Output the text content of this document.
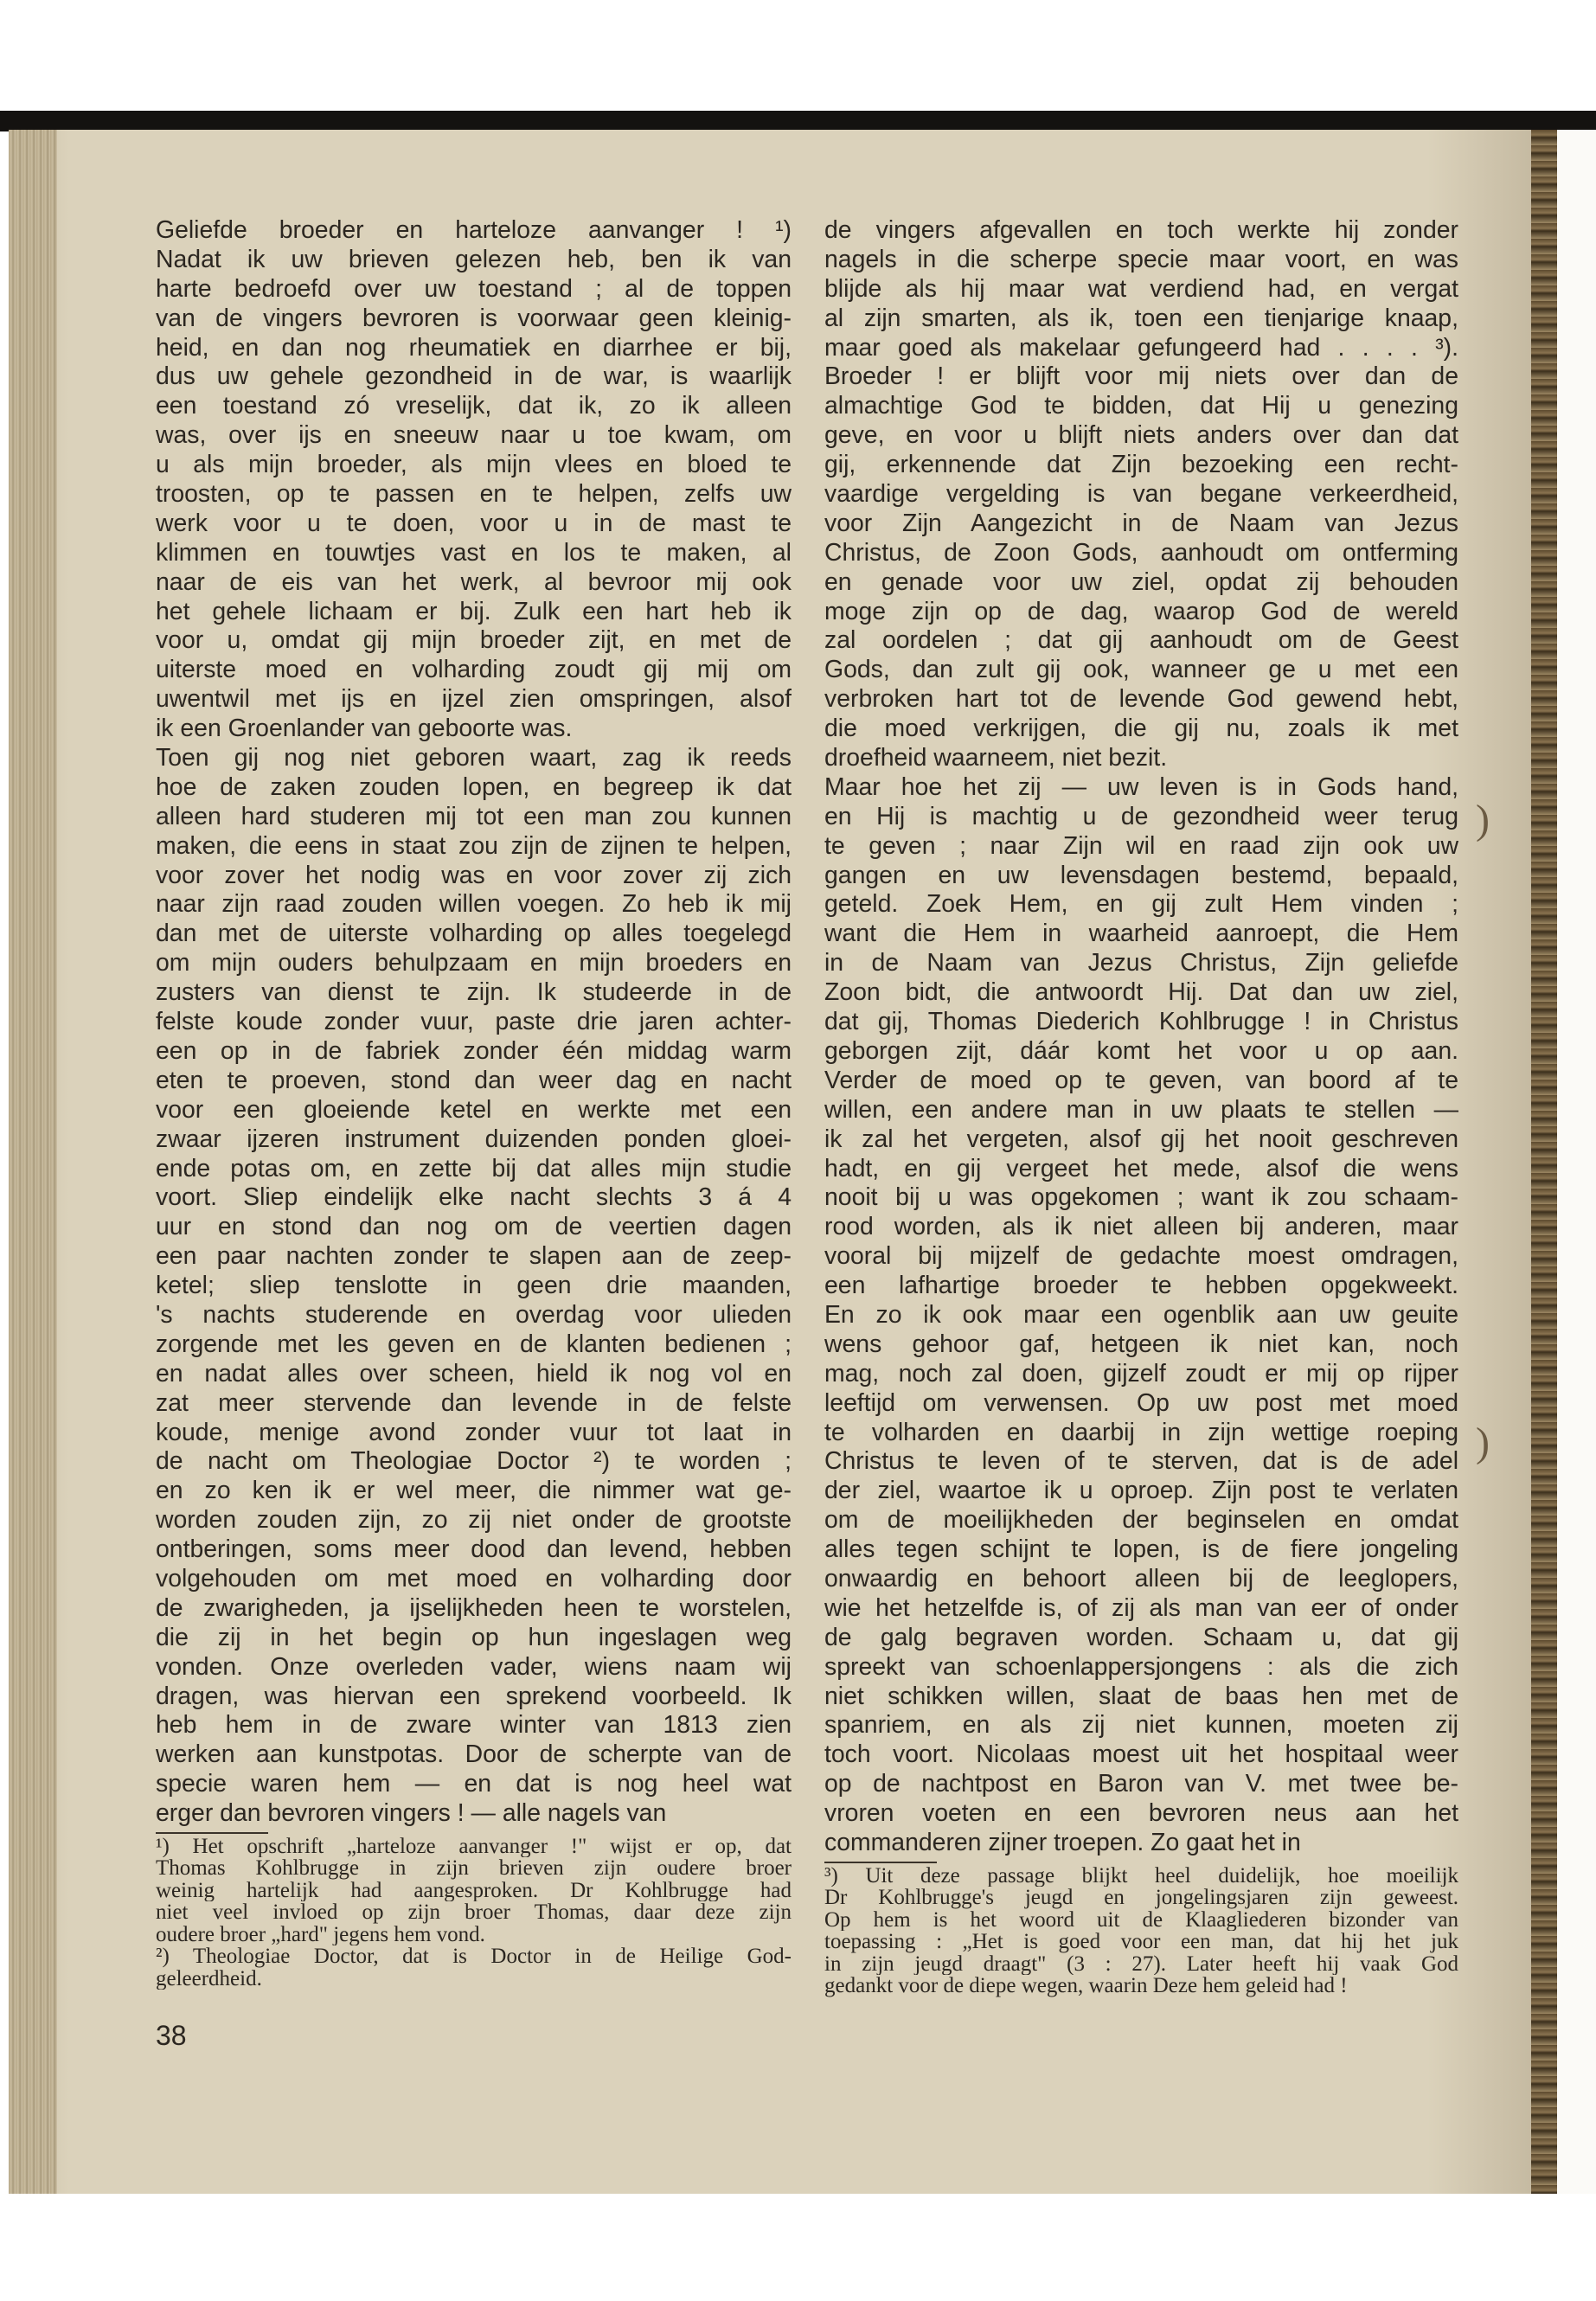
)
)
Geliefde broeder en harteloze aanvanger ! ¹)
Nadat ik uw brieven gelezen heb, ben ik van
harte bedroefd over uw toestand ; al de toppen
van de vingers bevroren is voorwaar geen kleinig-
heid, en dan nog rheumatiek en diarrhee er bij,
dus uw gehele gezondheid in de war, is waarlijk
een toestand zó vreselijk, dat ik, zo ik alleen
was, over ijs en sneeuw naar u toe kwam, om
u als mijn broeder, als mijn vlees en bloed te
troosten, op te passen en te helpen, zelfs uw
werk voor u te doen, voor u in de mast te
klimmen en touwtjes vast en los te maken, al
naar de eis van het werk, al bevroor mij ook
het gehele lichaam er bij. Zulk een hart heb ik
voor u, omdat gij mijn broeder zijt, en met de
uiterste moed en volharding zoudt gij mij om
uwentwil met ijs en ijzel zien omspringen, alsof
ik een Groenlander van geboorte was.
Toen gij nog niet geboren waart, zag ik reeds
hoe de zaken zouden lopen, en begreep ik dat
alleen hard studeren mij tot een man zou kunnen
maken, die eens in staat zou zijn de zijnen te helpen,
voor zover het nodig was en voor zover zij zich
naar zijn raad zouden willen voegen. Zo heb ik mij
dan met de uiterste volharding op alles toegelegd
om mijn ouders behulpzaam en mijn broeders en
zusters van dienst te zijn. Ik studeerde in de
felste koude zonder vuur, paste drie jaren achter-
een op in de fabriek zonder één middag warm
eten te proeven, stond dan weer dag en nacht
voor een gloeiende ketel en werkte met een
zwaar ijzeren instrument duizenden ponden gloei-
ende potas om, en zette bij dat alles mijn studie
voort. Sliep eindelijk elke nacht slechts 3 á 4
uur en stond dan nog om de veertien dagen
een paar nachten zonder te slapen aan de zeep-
ketel; sliep tenslotte in geen drie maanden,
's nachts studerende en overdag voor ulieden
zorgende met les geven en de klanten bedienen ;
en nadat alles over scheen, hield ik nog vol en
zat meer stervende dan levende in de felste
koude, menige avond zonder vuur tot laat in
de nacht om Theologiae Doctor ²) te worden ;
en zo ken ik er wel meer, die nimmer wat ge-
worden zouden zijn, zo zij niet onder de grootste
ontberingen, soms meer dood dan levend, hebben
volgehouden om met moed en volharding door
de zwarigheden, ja ijselijkheden heen te worstelen,
die zij in het begin op hun ingeslagen weg
vonden. Onze overleden vader, wiens naam wij
dragen, was hiervan een sprekend voorbeeld. Ik
heb hem in de zware winter van 1813 zien
werken aan kunstpotas. Door de scherpte van de
specie waren hem — en dat is nog heel wat
erger dan bevroren vingers ! — alle nagels van
¹) Het opschrift „harteloze aanvanger !" wijst er op, dat
Thomas Kohlbrugge in zijn brieven zijn oudere broer
weinig hartelijk had aangesproken. Dr Kohlbrugge had
niet veel invloed op zijn broer Thomas, daar deze zijn
oudere broer „hard" jegens hem vond.
²) Theologiae Doctor, dat is Doctor in de Heilige God-
geleerdheid.
de vingers afgevallen en toch werkte hij zonder
nagels in die scherpe specie maar voort, en was
blijde als hij maar wat verdiend had, en vergat
al zijn smarten, als ik, toen een tienjarige knaap,
maar goed als makelaar gefungeerd had . . . . ³).
Broeder ! er blijft voor mij niets over dan de
almachtige God te bidden, dat Hij u genezing
geve, en voor u blijft niets anders over dan dat
gij, erkennende dat Zijn bezoeking een recht-
vaardige vergelding is van begane verkeerdheid,
voor Zijn Aangezicht in de Naam van Jezus
Christus, de Zoon Gods, aanhoudt om ontferming
en genade voor uw ziel, opdat zij behouden
moge zijn op de dag, waarop God de wereld
zal oordelen ; dat gij aanhoudt om de Geest
Gods, dan zult gij ook, wanneer ge u met een
verbroken hart tot de levende God gewend hebt,
die moed verkrijgen, die gij nu, zoals ik met
droefheid waarneem, niet bezit.
Maar hoe het zij — uw leven is in Gods hand,
en Hij is machtig u de gezondheid weer terug
te geven ; naar Zijn wil en raad zijn ook uw
gangen en uw levensdagen bestemd, bepaald,
geteld. Zoek Hem, en gij zult Hem vinden ;
want die Hem in waarheid aanroept, die Hem
in de Naam van Jezus Christus, Zijn geliefde
Zoon bidt, die antwoordt Hij. Dat dan uw ziel,
dat gij, Thomas Diederich Kohlbrugge ! in Christus
geborgen zijt, dáár komt het voor u op aan.
Verder de moed op te geven, van boord af te
willen, een andere man in uw plaats te stellen —
ik zal het vergeten, alsof gij het nooit geschreven
hadt, en gij vergeet het mede, alsof die wens
nooit bij u was opgekomen ; want ik zou schaam-
rood worden, als ik niet alleen bij anderen, maar
vooral bij mijzelf de gedachte moest omdragen,
een lafhartige broeder te hebben opgekweekt.
En zo ik ook maar een ogenblik aan uw geuite
wens gehoor gaf, hetgeen ik niet kan, noch
mag, noch zal doen, gijzelf zoudt er mij op rijper
leeftijd om verwensen. Op uw post met moed
te volharden en daarbij in zijn wettige roeping
Christus te leven of te sterven, dat is de adel
der ziel, waartoe ik u oproep. Zijn post te verlaten
om de moeilijkheden der beginselen en omdat
alles tegen schijnt te lopen, is de fiere jongeling
onwaardig en behoort alleen bij de leeglopers,
wie het hetzelfde is, of zij als man van eer of onder
de galg begraven worden. Schaam u, dat gij
spreekt van schoenlappersjongens : als die zich
niet schikken willen, slaat de baas hen met de
spanriem, en als zij niet kunnen, moeten zij
toch voort. Nicolaas moest uit het hospitaal weer
op de nachtpost en Baron van V. met twee be-
vroren voeten en een bevroren neus aan het
commanderen zijner troepen. Zo gaat het in
³) Uit deze passage blijkt heel duidelijk, hoe moeilijk
Dr Kohlbrugge's jeugd en jongelingsjaren zijn geweest.
Op hem is het woord uit de Klaagliederen bizonder van
toepassing : „Het is goed voor een man, dat hij het juk
in zijn jeugd draagt" (3 : 27). Later heeft hij vaak God
gedankt voor de diepe wegen, waarin Deze hem geleid had !
38
